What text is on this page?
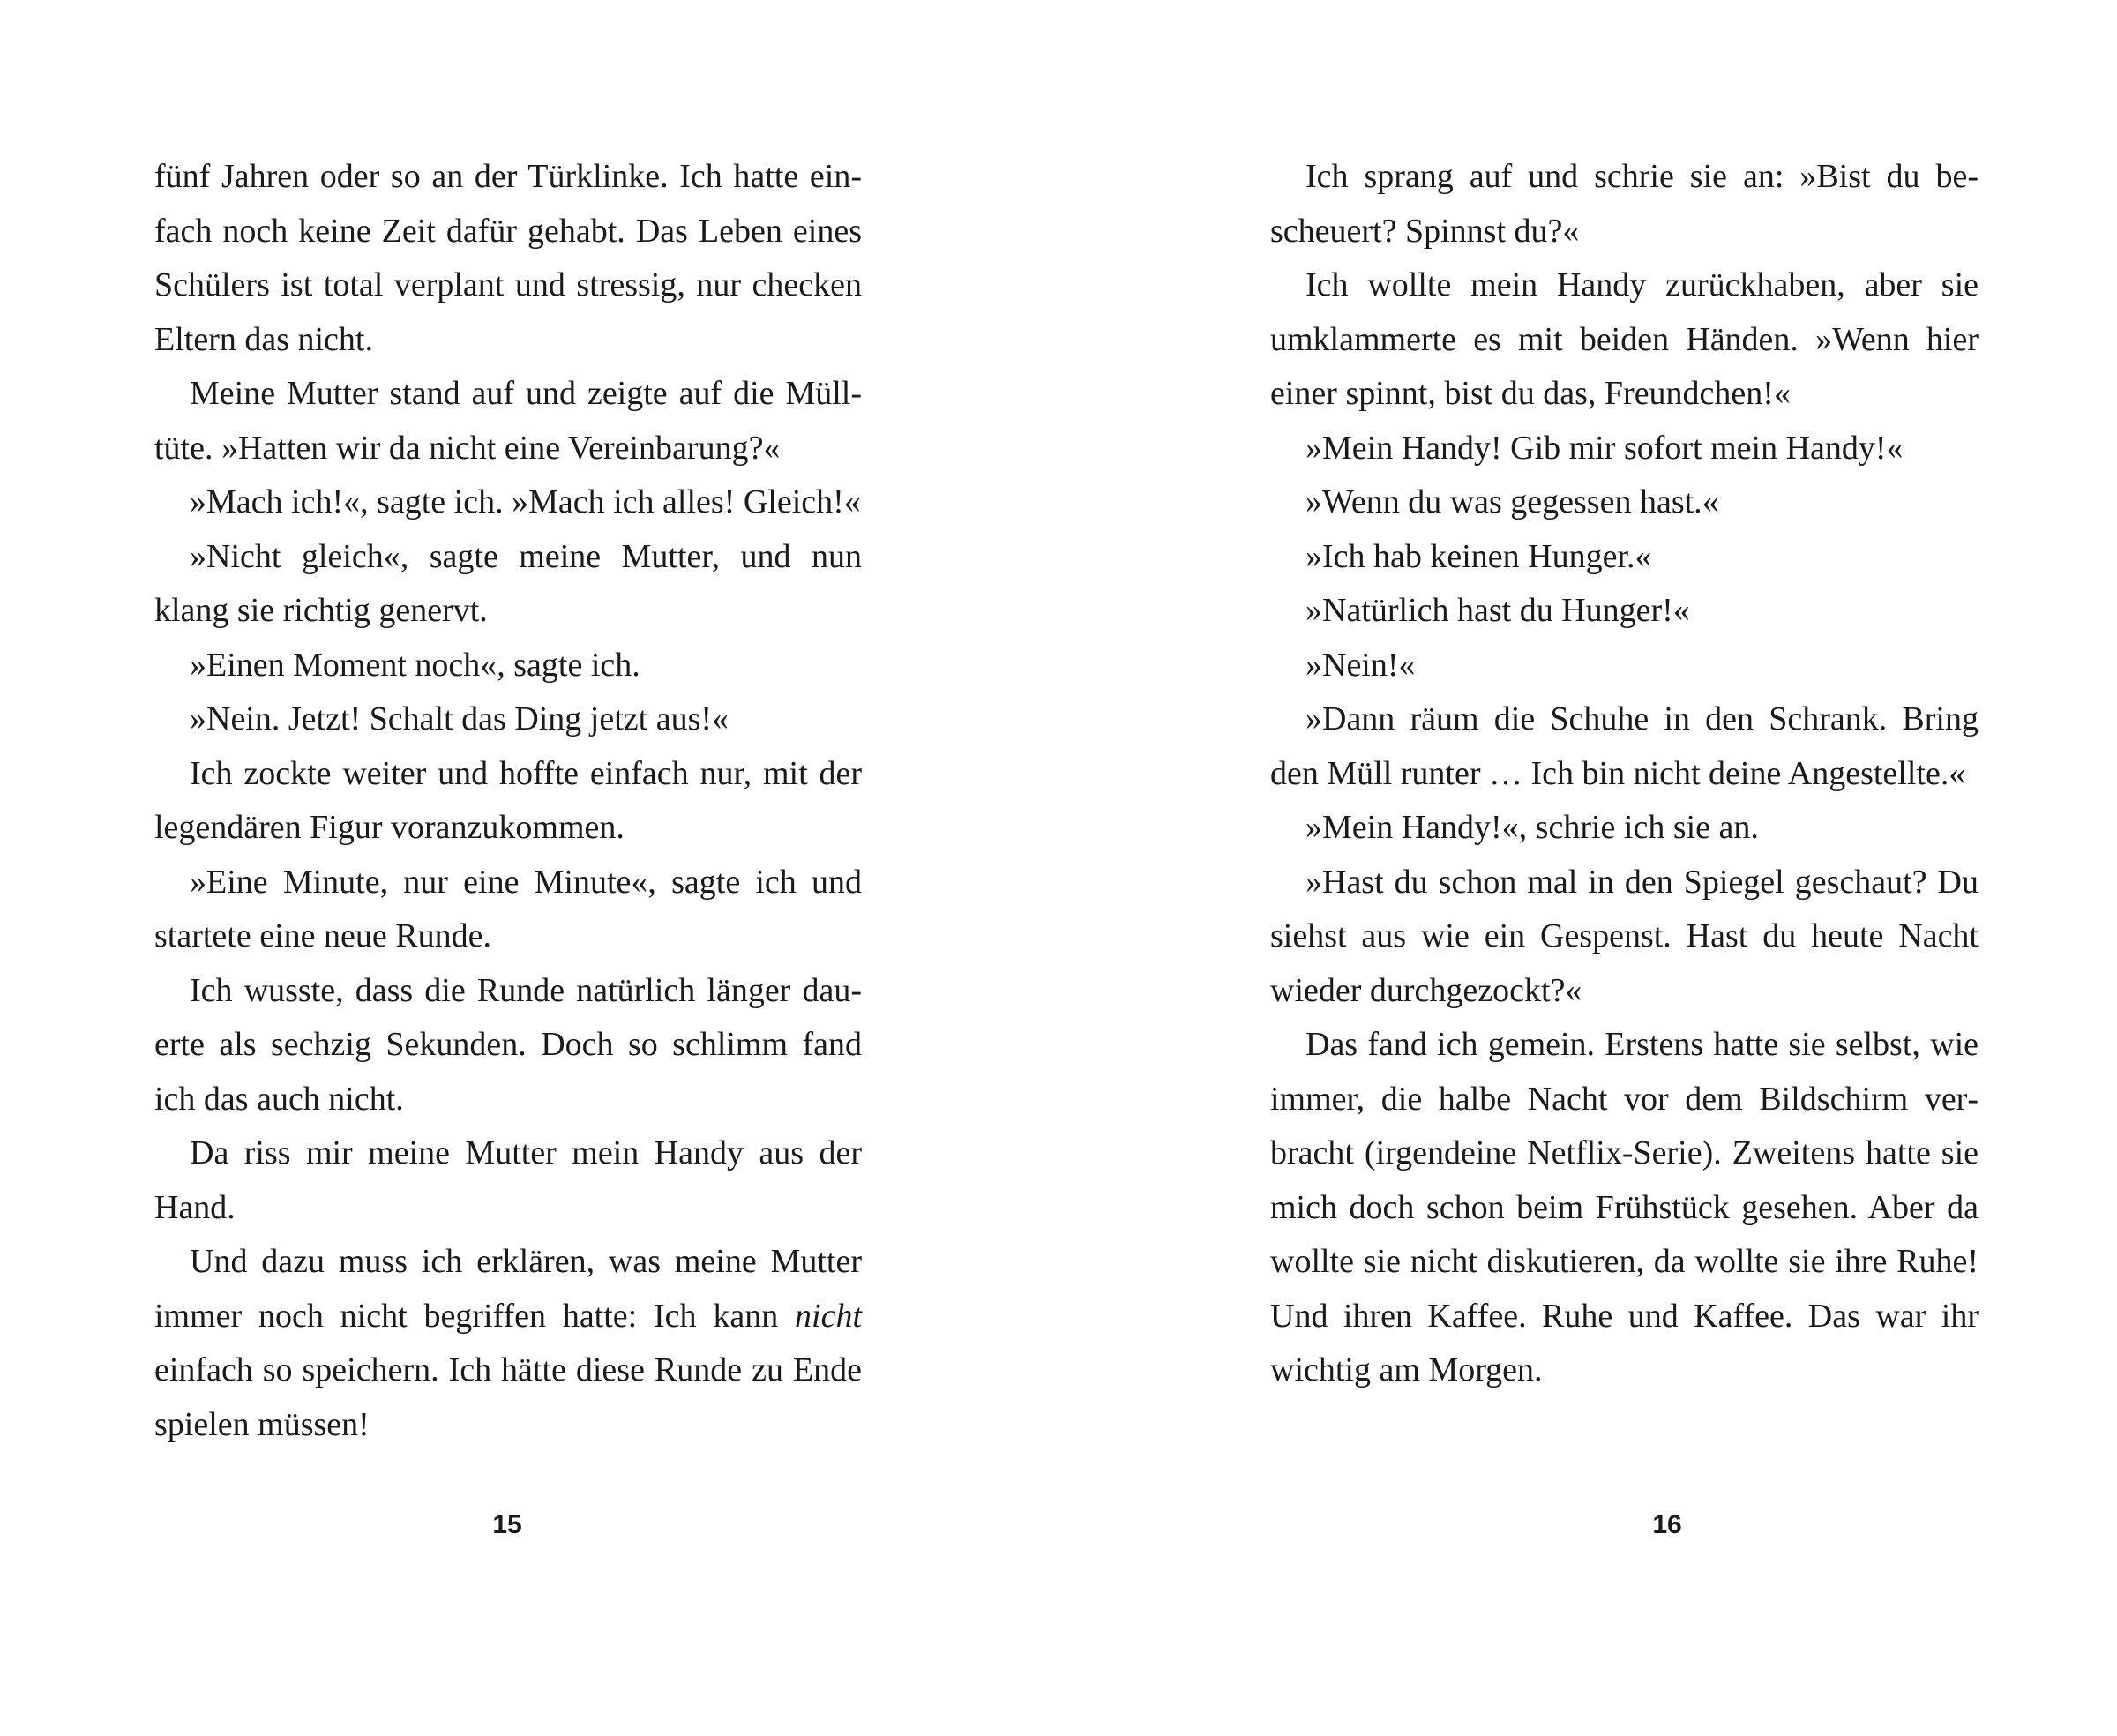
fünf Jahren oder so an der Türklinke. Ich hatte einfach noch keine Zeit dafür gehabt. Das Leben eines Schülers ist total verplant und stressig, nur checken Eltern das nicht.

Meine Mutter stand auf und zeigte auf die Mülltüte. »Hatten wir da nicht eine Vereinbarung?«

»Mach ich!«, sagte ich. »Mach ich alles! Gleich!«

»Nicht gleich«, sagte meine Mutter, und nun klang sie richtig genervt.

»Einen Moment noch«, sagte ich.

»Nein. Jetzt! Schalt das Ding jetzt aus!«

Ich zockte weiter und hoffte einfach nur, mit der legendären Figur voranzukommen.

»Eine Minute, nur eine Minute«, sagte ich und startete eine neue Runde.

Ich wusste, dass die Runde natürlich länger dauerte als sechzig Sekunden. Doch so schlimm fand ich das auch nicht.

Da riss mir meine Mutter mein Handy aus der Hand.

Und dazu muss ich erklären, was meine Mutter immer noch nicht begriffen hatte: Ich kann nicht einfach so speichern. Ich hätte diese Runde zu Ende spielen müssen!

15

Ich sprang auf und schrie sie an: »Bist du bescheuert? Spinnst du?«

Ich wollte mein Handy zurückhaben, aber sie umklammerte es mit beiden Händen. »Wenn hier einer spinnt, bist du das, Freundchen!«

»Mein Handy! Gib mir sofort mein Handy!«

»Wenn du was gegessen hast.«

»Ich hab keinen Hunger.«

»Natürlich hast du Hunger!«

»Nein!«

»Dann räum die Schuhe in den Schrank. Bring den Müll runter … Ich bin nicht deine Angestellte.«

»Mein Handy!«, schrie ich sie an.

»Hast du schon mal in den Spiegel geschaut? Du siehst aus wie ein Gespenst. Hast du heute Nacht wieder durchgezockt?«

Das fand ich gemein. Erstens hatte sie selbst, wie immer, die halbe Nacht vor dem Bildschirm verbracht (irgendeine Netflix-Serie). Zweitens hatte sie mich doch schon beim Frühstück gesehen. Aber da wollte sie nicht diskutieren, da wollte sie ihre Ruhe! Und ihren Kaffee. Ruhe und Kaffee. Das war ihr wichtig am Morgen.

16
